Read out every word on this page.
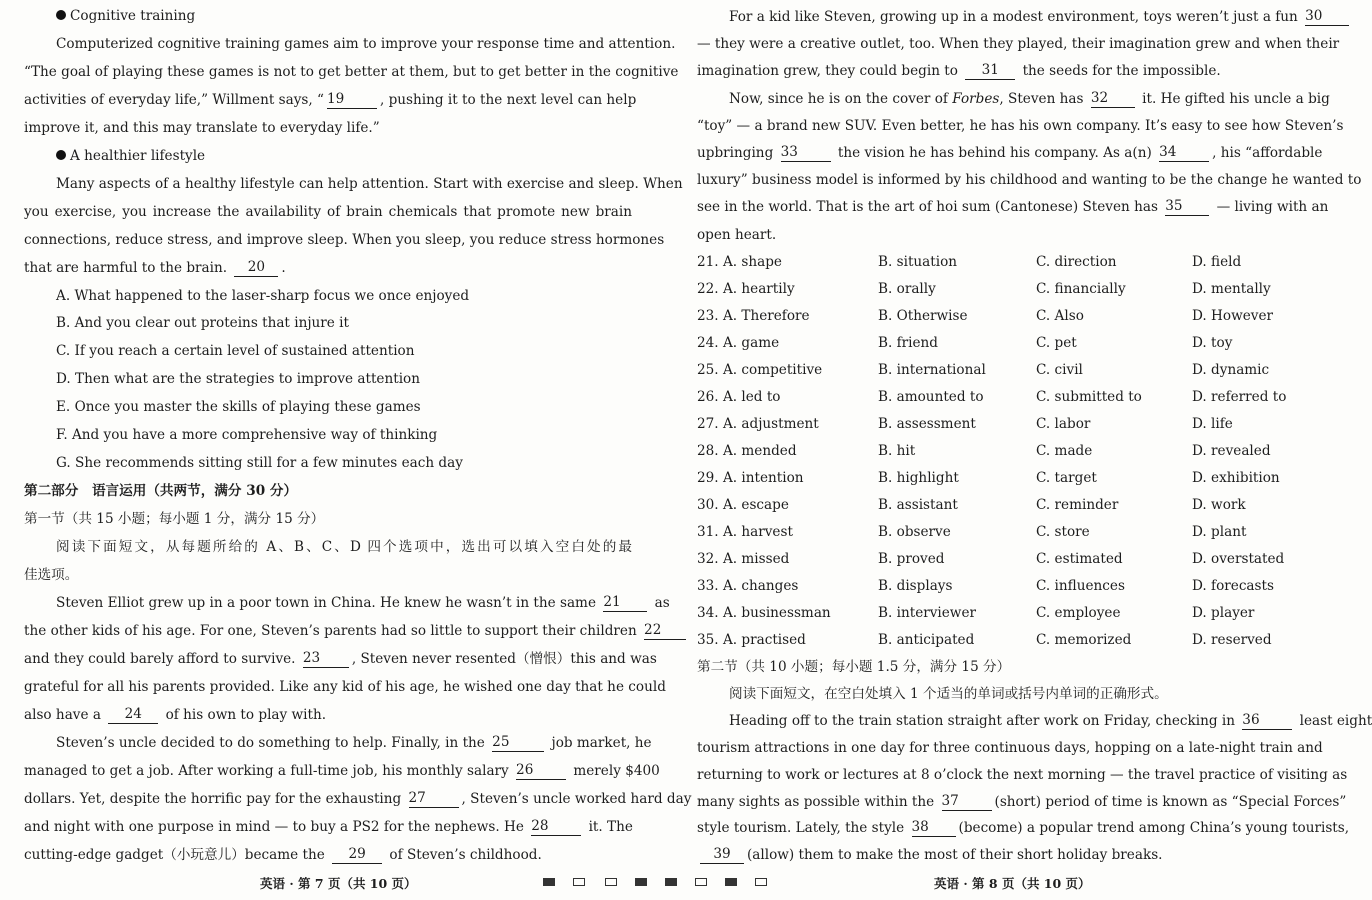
Cognitive training
Computerized cognitive training games aim to improve your response time and attention.
“The goal of playing these games is not to get better at them, but to get better in the cognitive
activities of everyday life,” Willment says, “ 19	, pushing it to the next level can help
improve it, and this may translate to everyday life.”
A healthier lifestyle
Many aspects of a healthy lifestyle can help attention. Start with exercise and sleep. When
you exercise, you increase the availability of brain chemicals that promote new brain
connections, reduce stress, and improve sleep. When you sleep, you reduce stress hormones
that are harmful to the brain. 20 .
A. What happened to the laser-sharp focus we once enjoyed
B. And you clear out proteins that injure it
C. If you reach a certain level of sustained attention
D. Then what are the strategies to improve attention
E. Once you master the skills of playing these games
F. And you have a more comprehensive way of thinking
G. She recommends sitting still for a few minutes each day
第二部分　语言运用（共两节，满分 30 分）
第一节（共 15 小题；每小题 1 分，满分 15 分）
阅读下面短文，从每题所给的 A、B、C、D 四个选项中，选出可以填入空白处的最
佳选项。
Steven Elliot grew up in a poor town in China. He knew he wasn’t in the same 21 as
the other kids of his age. For one, Steven’s parents had so little to support their children 22
and they could barely afford to survive. 23 , Steven never resented（憎恨）this and was
grateful for all his parents provided. Like any kid of his age, he wished one day that he could
also have a 24 of his own to play with.
Steven’s uncle decided to do something to help. Finally, in the 25	job market, he
managed to get a job. After working a full-time job, his monthly salary 26	merely $400
dollars. Yet, despite the horrific pay for the exhausting 27	, Steven’s uncle worked hard day
and night with one purpose in mind — to buy a PS2 for the nephews. He 28	it. The
cutting-edge gadget（小玩意儿）became the 29 of Steven’s childhood.
英语 · 第 7 页（共 10 页）
For a kid like Steven, growing up in a modest environment, toys weren’t just a fun 30
— they were a creative outlet, too. When they played, their imagination grew and when their
imagination grew, they could begin to 31 the seeds for the impossible.
Now, since he is on the cover of Forbes, Steven has 32 it. He gifted his uncle a big
“toy” — a brand new SUV. Even better, he has his own company. It’s easy to see how Steven’s
upbringing 33	the vision he has behind his company. As a(n) 34	, his “affordable
luxury” business model is informed by his childhood and wanting to be the change he wanted to
see in the world. That is the art of hoi sum (Cantonese) Steven has 35 — living with an
open heart.
21. A. shape	B. situation	C. direction	D. field
22. A. heartily	B. orally	C. financially	D. mentally
23. A. Therefore	B. Otherwise	C. Also	D. However
24. A. game	B. friend	C. pet	D. toy
25. A. competitive	B. international	C. civil	D. dynamic
26. A. led to	B. amounted to	C. submitted to	D. referred to
27. A. adjustment	B. assessment	C. labor	D. life
28. A. mended	B. hit	C. made	D. revealed
29. A. intention	B. highlight	C. target	D. exhibition
30. A. escape	B. assistant	C. reminder	D. work
31. A. harvest	B. observe	C. store	D. plant
32. A. missed	B. proved	C. estimated	D. overstated
33. A. changes	B. displays	C. influences	D. forecasts
34. A. businessman	B. interviewer	C. employee	D. player
35. A. practised	B. anticipated	C. memorized	D. reserved
第二节（共 10 小题；每小题 1.5 分，满分 15 分）
阅读下面短文，在空白处填入 1 个适当的单词或括号内单词的正确形式。
Heading off to the train station straight after work on Friday, checking in 36	least eight
tourism attractions in one day for three continuous days, hopping on a late-night train and
returning to work or lectures at 8 o’clock the next morning — the travel practice of visiting as
many sights as possible within the 37	(short) period of time is known as “Special Forces”
style tourism. Lately, the style 38 (become) a popular trend among China’s young tourists,
39 (allow) them to make the most of their short holiday breaks.
英语 · 第 8 页（共 10 页）
